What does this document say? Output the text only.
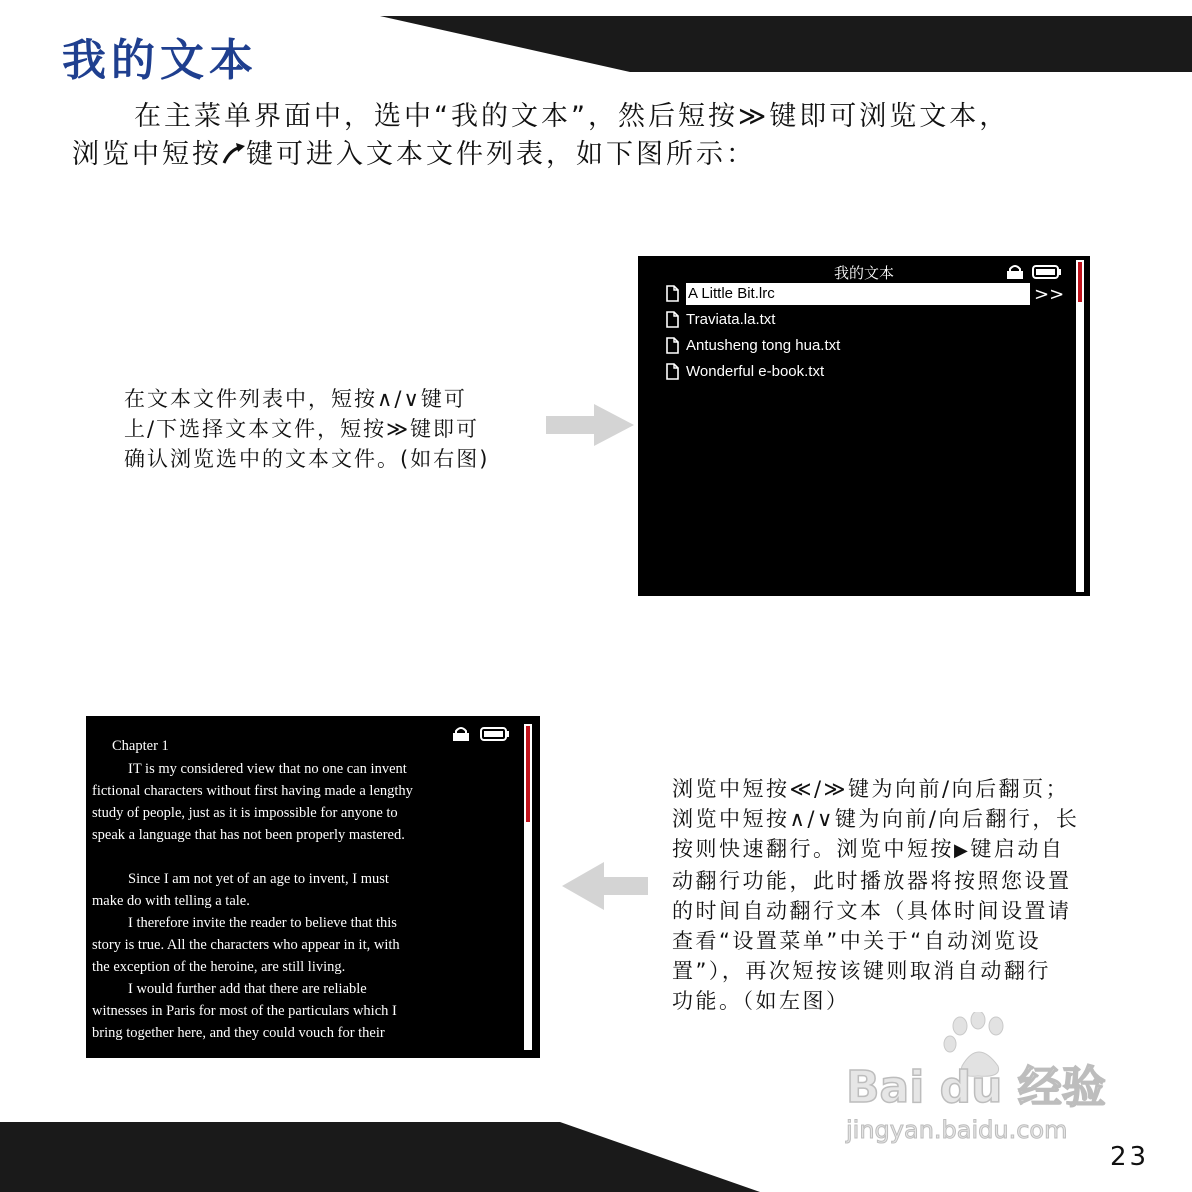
我的文本
在主菜单界面中，选中“我的文本”，然后短按≫键即可浏览文本，
浏览中短按 键可进入文本文件列表，如下图所示：
在文本文件列表中，短按∧/∨键可
上/下选择文本文件，短按≫键即可
确认浏览选中的文本文件。(如右图)
我的文本
A Little Bit.lrc
Traviata.la.txt
Antusheng tong hua.txt
Wonderful e-book.txt
>>
Chapter 1
IT is my considered view that no one can invent
fictional characters without first having made a lengthy
study of people, just as it is impossible for anyone to
speak a language that has not been properly mastered.
Since I am not yet of an age to invent, I must
make do with telling a tale.
I therefore invite the reader to believe that this
story is true. All the characters who appear in it, with
the exception of the heroine, are still living.
I would further add that there are reliable
witnesses in Paris for most of the particulars which I
bring together here, and they could vouch for their
浏览中短按≪/≫键为向前/向后翻页；
浏览中短按∧/∨键为向前/向后翻行，长
按则快速翻行。浏览中短按▶键启动自
动翻行功能，此时播放器将按照您设置
的时间自动翻行文本（具体时间设置请
查看“设置菜单”中关于“自动浏览设
置”），再次短按该键则取消自动翻行
功能。（如左图）
Bai du 经验
jingyan.baidu.com
23
